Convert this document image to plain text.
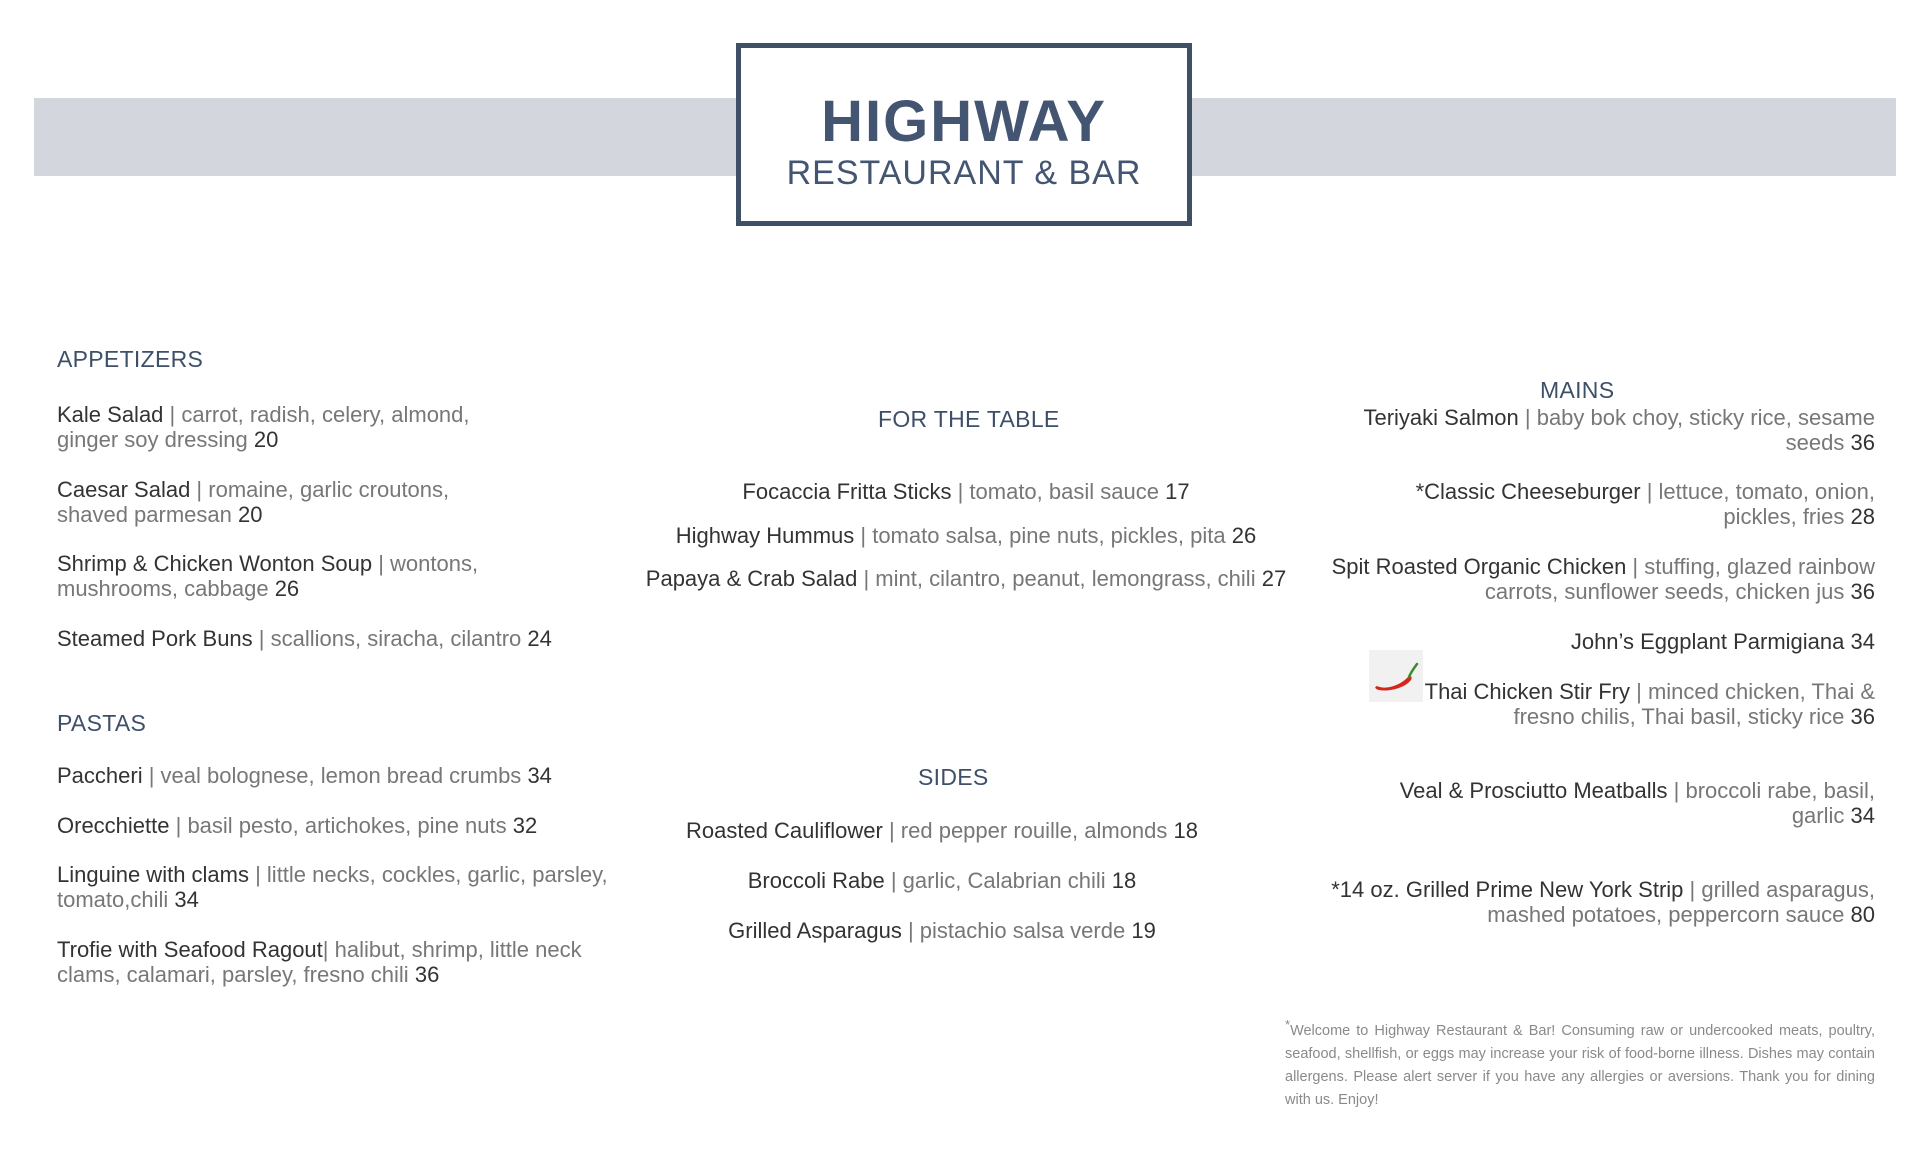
HIGHWAY
RESTAURANT & BAR
APPETIZERS
Kale Salad | carrot, radish, celery, almond,
ginger soy dressing 20
Caesar Salad | romaine, garlic croutons,
shaved parmesan 20
Shrimp & Chicken Wonton Soup | wontons,
mushrooms, cabbage 26
Steamed Pork Buns | scallions, siracha, cilantro 24
PASTAS
Paccheri | veal bolognese, lemon bread crumbs 34
Orecchiette | basil pesto, artichokes, pine nuts 32
Linguine with clams | little necks, cockles, garlic, parsley,
tomato,chili 34
Trofie with Seafood Ragout| halibut, shrimp, little neck
clams, calamari, parsley, fresno chili 36
FOR THE TABLE
Focaccia Fritta Sticks | tomato, basil sauce 17
Highway Hummus | tomato salsa, pine nuts, pickles, pita 26
Papaya & Crab Salad | mint, cilantro, peanut, lemongrass, chili 27
SIDES
Roasted Cauliflower | red pepper rouille, almonds 18
Broccoli Rabe | garlic, Calabrian chili 18
Grilled Asparagus | pistachio salsa verde 19
MAINS
Teriyaki Salmon | baby bok choy, sticky rice, sesame
seeds 36
*Classic Cheeseburger | lettuce, tomato, onion,
pickles, fries 28
Spit Roasted Organic Chicken | stuffing, glazed rainbow
carrots, sunflower seeds, chicken jus 36
John’s Eggplant Parmigiana 34
Thai Chicken Stir Fry | minced chicken, Thai &
fresno chilis, Thai basil, sticky rice 36
Veal & Prosciutto Meatballs | broccoli rabe, basil,
garlic 34
*14 oz. Grilled Prime New York Strip | grilled asparagus,
mashed potatoes, peppercorn sauce 80
*Welcome to Highway Restaurant & Bar! Consuming raw or undercooked meats, poultry, seafood, shellfish, or eggs may increase your risk of food-borne illness. Dishes may contain allergens. Please alert server if you have any allergies or aversions. Thank you for dining with us. Enjoy!
